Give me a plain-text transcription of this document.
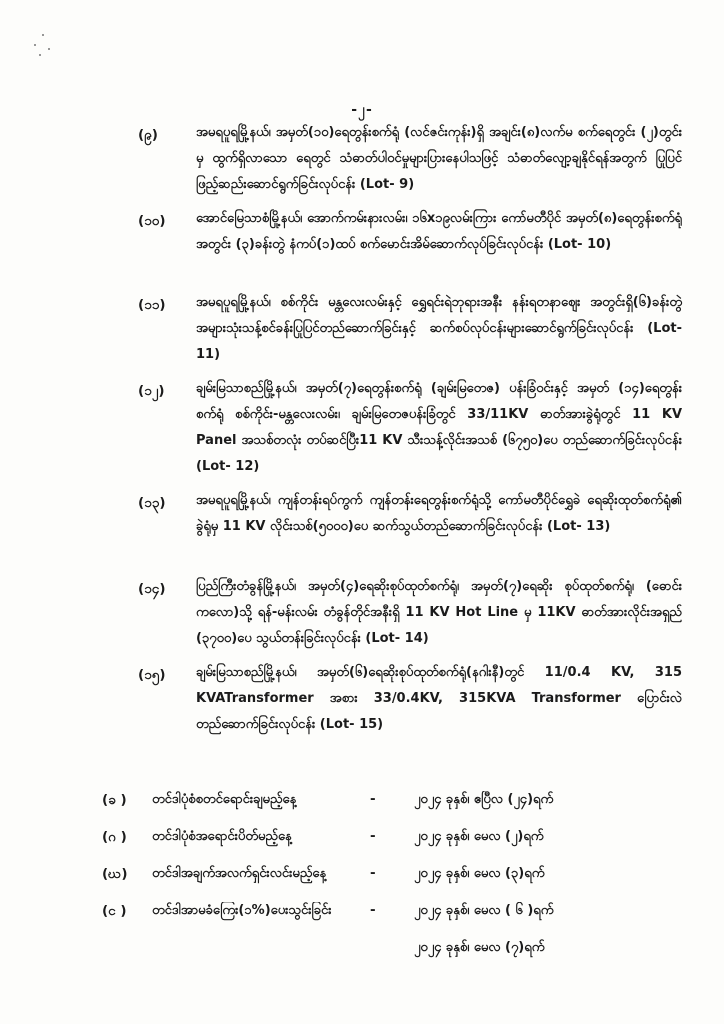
-၂-
(၉)	အမရပူရမြို့နယ်၊ အမှတ်(၁၀)ရေတွန်းစက်ရုံ (လင်ဇင်းကုန်း)ရှိ အချင်း(၈)လက်မ စက်ရေတွင်း (၂)တွင်းမှ ထွက်ရှိလာသော ရေတွင် သံဓာတ်ပါဝင်မှုများပြားနေပါသဖြင့် သံဓာတ်လျော့ချနိုင်ရန်အတွက် ပြုပြင်ဖြည့်ဆည်းဆောင်ရွက်ခြင်းလုပ်ငန်း (Lot- 9)
(၁၀) အောင်မြေသာစံမြို့နယ်၊ အောက်ကမ်းနားလမ်း၊ ၁၆x၁၉လမ်းကြား ကော်မတီပိုင် အမှတ်(၈)ရေတွန်းစက်ရုံအတွင်း (၃)ခန်းတွဲ နံကပ်(၁)ထပ် စက်မောင်းအိမ်ဆောက်လုပ်ခြင်းလုပ်ငန်း (Lot- 10)
(၁၁) အမရပူရမြို့နယ်၊ စစ်ကိုင်း မန္တလေးလမ်းနှင့် ရွှေရင်းရဲဘုရားအနီး နန်းရတနာဈေး အတွင်းရှိ(၆)ခန်းတွဲ အများသုံးသန့်စင်ခန်းပြုပြင်တည်ဆောက်ခြင်းနှင့် ဆက်စပ်လုပ်ငန်းများဆောင်ရွက်ခြင်းလုပ်ငန်း (Lot- 11)
(၁၂) ချမ်းမြသာစည်မြို့နယ်၊ အမှတ်(၇)ရေတွန်းစက်ရုံ (ချမ်းမြတေဇ) ပန်းခြံဝင်းနှင့် အမှတ် (၁၄)ရေတွန်းစက်ရုံ စစ်ကိုင်း-မန္တလေးလမ်း၊ ချမ်းမြတေဇပန်းခြံတွင် 33/11KV ဓာတ်အားခွဲရုံတွင် 11 KV Panel အသစ်တလုံး တပ်ဆင်ပြီး11 KV သီးသန့်လိုင်းအသစ် (၆၇၅၀)ပေ တည်ဆောက်ခြင်းလုပ်ငန်း (Lot- 12)
(၁၃) အမရပူရမြို့နယ်၊ ကျန်တန်းရပ်ကွက် ကျန်တန်းရေတွန်းစက်ရုံသို့ ကော်မတီပိုင်ရွှေခဲ ရေဆိုးထုတ်စက်ရုံ၏ ခွဲရုံမှ 11 KV လိုင်းသစ်(၅၀၀၀)ပေ ဆက်သွယ်တည်ဆောက်ခြင်းလုပ်ငန်း (Lot- 13)
(၁၄) ပြည်ကြီးတံခွန်မြို့နယ်၊ အမှတ်(၄)ရေဆိုးစုပ်ထုတ်စက်ရုံ၊ အမှတ်(၇)ရေဆိုး စုပ်ထုတ်စက်ရုံ၊ (ဓောင်းကလော)သို့ ရန်-မန်းလမ်း တံခွန်တိုင်အနီးရှိ 11 KV Hot Line မှ 11KV ဓာတ်အားလိုင်းအရှည် (၃၇၀၀)ပေ သွယ်တန်းခြင်းလုပ်ငန်း (Lot- 14)
(၁၅) ချမ်းမြသာစည်မြို့နယ်၊ အမှတ်(၆)ရေဆိုးစုပ်ထုတ်စက်ရုံ(နဂါးနီ)တွင် 11/0.4 KV, 315 KVATransformer အစား 33/0.4KV, 315KVA Transformer ပြောင်းလဲတည်ဆောက်ခြင်းလုပ်ငန်း (Lot- 15)
(ခ ) တင်ဒါပုံစံစတင်ရောင်းချမည့်နေ့	-	၂၀၂၄ ခုနှစ်၊ ဧပြီလ (၂၄)ရက်
(ဂ ) တင်ဒါပုံစံအရောင်းပိတ်မည့်နေ့	-	၂၀၂၄ ခုနှစ်၊ မေလ (၂)ရက်
(ဃ) တင်ဒါအချက်အလက်ရှင်းလင်းမည့်နေ့	-	၂၀၂၄ ခုနှစ်၊ မေလ (၃)ရက်
(င ) တင်ဒါအာမခံကြေး(၁%)ပေးသွင်းခြင်း	-	၂၀၂၄ ခုနှစ်၊ မေလ ( ၆ )ရက်
၂၀၂၄ ခုနှစ်၊ မေလ (၇)ရက်
